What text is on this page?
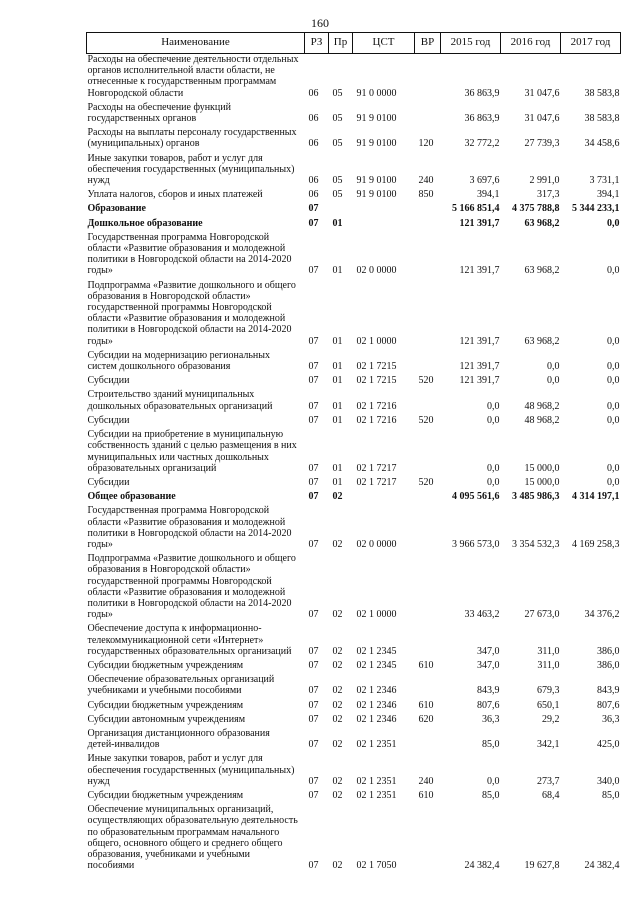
160
Наименование	РЗ	Пр	ЦСТ	ВР	2015 год	2016 год	2017 год
Расходы на обеспечение деятельности отдельных органов исполнительной власти области, не отнесенные к государственным программам Новгородской области	06	05	91 0 0000		36 863,9	31 047,6	38 583,8
Расходы на обеспечение функций государственных органов	06	05	91 9 0100		36 863,9	31 047,6	38 583,8
Расходы на выплаты персоналу государственных (муниципальных) органов	06	05	91 9 0100	120	32 772,2	27 739,3	34 458,6
Иные закупки товаров, работ и услуг для обеспечения государственных (муниципальных) нужд	06	05	91 9 0100	240	3 697,6	2 991,0	3 731,1
Уплата налогов, сборов и иных платежей	06	05	91 9 0100	850	394,1	317,3	394,1
Образование	07				5 166 851,4	4 375 788,8	5 344 233,1
Дошкольное образование	07	01			121 391,7	63 968,2	0,0
Государственная программа Новгородской области «Развитие образования и молодежной политики в Новгородской области на 2014-2020 годы»	07	01	02 0 0000		121 391,7	63 968,2	0,0
Подпрограмма «Развитие дошкольного и общего образования в Новгородской области» государственной программы Новгородской области «Развитие образования и молодежной политики в Новгородской области на 2014-2020 годы»	07	01	02 1 0000		121 391,7	63 968,2	0,0
Субсидии на модернизацию региональных систем дошкольного образования	07	01	02 1 7215		121 391,7	0,0	0,0
Субсидии	07	01	02 1 7215	520	121 391,7	0,0	0,0
Строительство зданий муниципальных дошкольных образовательных организаций	07	01	02 1 7216		0,0	48 968,2	0,0
Субсидии	07	01	02 1 7216	520	0,0	48 968,2	0,0
Субсидии на приобретение в муниципальную собственность зданий с целью размещения в них муниципальных или частных дошкольных образовательных организаций	07	01	02 1 7217		0,0	15 000,0	0,0
Субсидии	07	01	02 1 7217	520	0,0	15 000,0	0,0
Общее образование	07	02			4 095 561,6	3 485 986,3	4 314 197,1
Государственная программа Новгородской области «Развитие образования и молодежной политики в Новгородской области на 2014-2020 годы»	07	02	02 0 0000		3 966 573,0	3 354 532,3	4 169 258,3
Подпрограмма «Развитие дошкольного и общего образования в Новгородской области» государственной программы Новгородской области «Развитие образования и молодежной политики в Новгородской области на 2014-2020 годы»	07	02	02 1 0000		33 463,2	27 673,0	34 376,2
Обеспечение доступа к информационно-телекоммуникационной сети «Интернет» государственных образовательных организаций	07	02	02 1 2345		347,0	311,0	386,0
Субсидии бюджетным учреждениям	07	02	02 1 2345	610	347,0	311,0	386,0
Обеспечение образовательных организаций учебниками и учебными пособиями	07	02	02 1 2346		843,9	679,3	843,9
Субсидии бюджетным учреждениям	07	02	02 1 2346	610	807,6	650,1	807,6
Субсидии автономным учреждениям	07	02	02 1 2346	620	36,3	29,2	36,3
Организация дистанционного образования детей-инвалидов	07	02	02 1 2351		85,0	342,1	425,0
Иные закупки товаров, работ и услуг для обеспечения государственных (муниципальных) нужд	07	02	02 1 2351	240	0,0	273,7	340,0
Субсидии бюджетным учреждениям	07	02	02 1 2351	610	85,0	68,4	85,0
Обеспечение муниципальных организаций, осуществляющих образовательную деятельность по образовательным программам начального общего, основного общего и среднего общего образования, учебниками и учебными пособиями	07	02	02 1 7050		24 382,4	19 627,8	24 382,4
